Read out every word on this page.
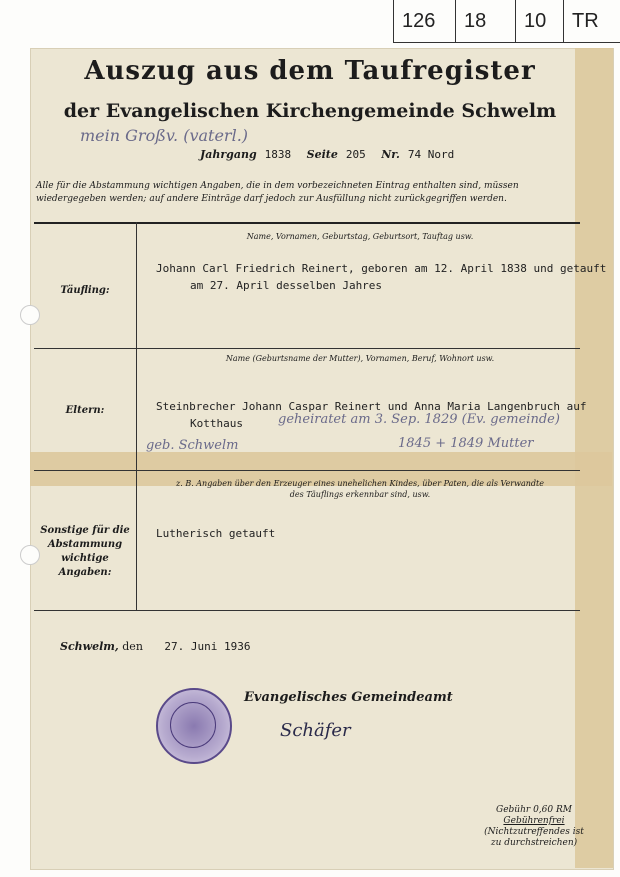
126 18 10 TR
Auszug aus dem Taufregister
der Evangelischen Kirchengemeinde Schwelm
mein Großv. (vaterl.)
Jahrgang 1838 Seite 205 Nr. 74 Nord
Alle für die Abstammung wichtigen Angaben, die in dem vorbezeichneten Eintrag enthalten sind, müssen wiedergegeben werden; auf andere Einträge darf jedoch zur Ausfüllung nicht zurückgegriffen werden.
Name, Vornamen, Geburtstag, Geburtsort, Tauftag usw.
Täufling:
Johann Carl Friedrich Reinert, geboren am 12. April 1838 und getauft
am 27. April desselben Jahres
Name (Geburtsname der Mutter), Vornamen, Beruf, Wohnort usw.
Eltern:	Steinbrecher Johann Caspar Reinert und Anna Maria Langenbruch auf
Kotthaus	geheiratet am 3. Sep. 1829 (Ev. gemeinde)
geb. Schwelm	1845 + 1849 Mutter
z. B. Angaben über den Erzeuger eines unehelichen Kindes, über Paten, die als Verwandte des Täuflings erkennbar sind, usw.
Sonstige für die Abstammung wichtige Angaben:
Lutherisch getauft
Schwelm, den 27. Juni 1936
Evangelisches Gemeindeamt
Schäfer
Gebühr 0,60 RM
Gebührenfrei
(Nichtzutreffendes ist zu durchstreichen)
